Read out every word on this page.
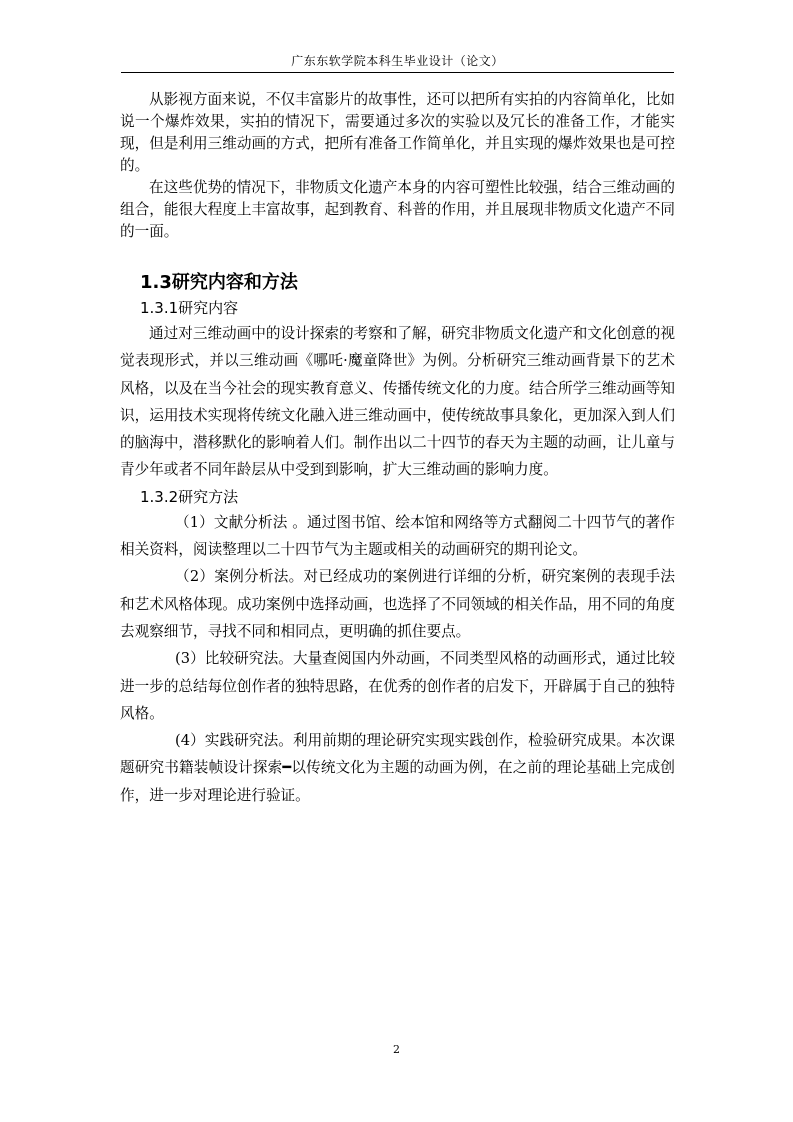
广东东软学院本科生毕业设计（论文）

从影视方面来说，不仅丰富影片的故事性，还可以把所有实拍的内容简单化，比如说一个爆炸效果，实拍的情况下，需要通过多次的实验以及冗长的准备工作，才能实现，但是利用三维动画的方式，把所有准备工作简单化，并且实现的爆炸效果也是可控的。

在这些优势的情况下，非物质文化遗产本身的内容可塑性比较强，结合三维动画的组合，能很大程度上丰富故事，起到教育、科普的作用，并且展现非物质文化遗产不同的一面。

1.3研究内容和方法
1.3.1研究内容

通过对三维动画中的设计探索的考察和了解，研究非物质文化遗产和文化创意的视觉表现形式，并以三维动画《哪吒·魔童降世》为例。分析研究三维动画背景下的艺术风格，以及在当今社会的现实教育意义、传播传统文化的力度。结合所学三维动画等知识，运用技术实现将传统文化融入进三维动画中，使传统故事具象化，更加深入到人们的脑海中，潜移默化的影响着人们。制作出以二十四节的春天为主题的动画，让儿童与青少年或者不同年龄层从中受到到影响，扩大三维动画的影响力度。

1.3.2研究方法

（1）文献分析法 。通过图书馆、绘本馆和网络等方式翻阅二十四节气的著作相关资料，阅读整理以二十四节气为主题或相关的动画研究的期刊论文。

（2）案例分析法。对已经成功的案例进行详细的分析，研究案例的表现手法和艺术风格体现。成功案例中选择动画，也选择了不同领域的相关作品，用不同的角度去观察细节，寻找不同和相同点，更明确的抓住要点。

(3）比较研究法。大量查阅国内外动画，不同类型风格的动画形式，通过比较进一步的总结每位创作者的独特思路，在优秀的创作者的启发下，开辟属于自己的独特风格。

(4）实践研究法。利用前期的理论研究实现实践创作，检验研究成果。本次课题研究书籍装帧设计探索━以传统文化为主题的动画为例，在之前的理论基础上完成创作，进一步对理论进行验证。

2
